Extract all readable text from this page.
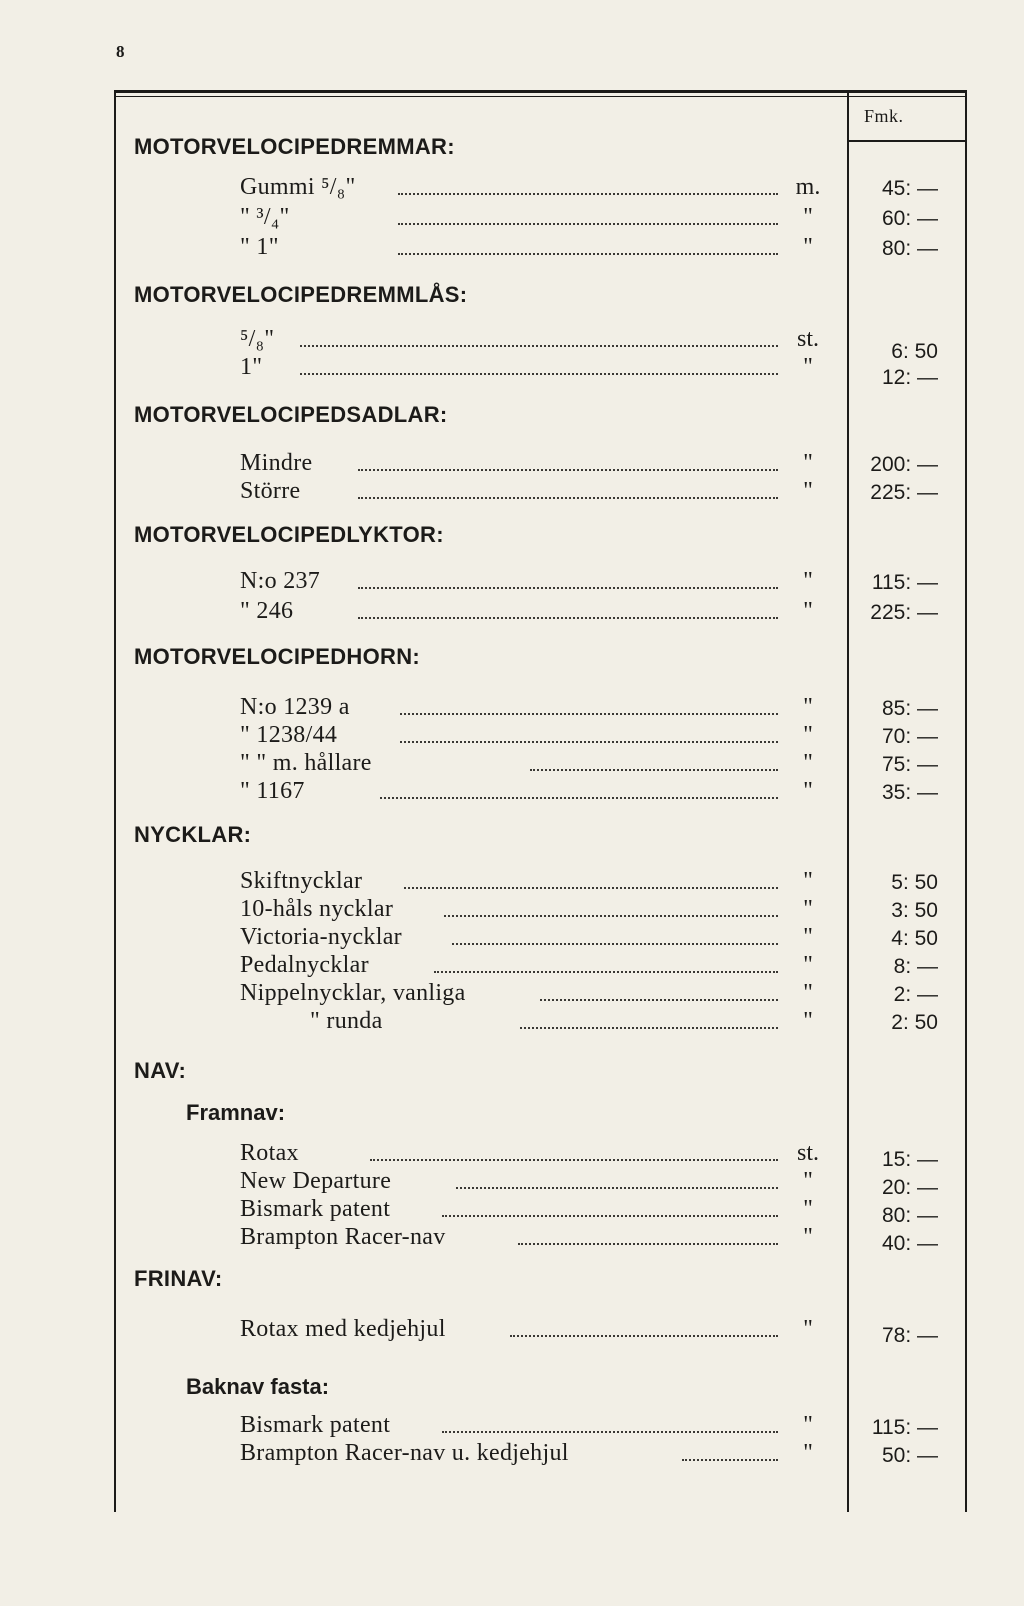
8
Fmk.
MOTORVELOCIPEDREMMAR:
MOTORVELOCIPEDREMMLÅS:
MOTORVELOCIPEDSADLAR:
MOTORVELOCIPEDLYKTOR:
MOTORVELOCIPEDHORN:
NYCKLAR:
NAV:
FRINAV:
Framnav:
Baknav fasta:
Gummi ⁵/₈"	m.	45: —
" ³/₄"	"	60: —
" 1"	"	80: —
⁵/₈"	st.	6: 50
1"	"	12: —
Mindre	"	200: —
Större	"	225: —
N:o 237	"	115: —
" 246	"	225: —
N:o 1239 a	"	85: —
" 1238/44	"	70: —
" " m. hållare	"	75: —
" 1167	"	35: —
Skiftnycklar	"	5: 50
10-håls nycklar	"	3: 50
Victoria-nycklar	"	4: 50
Pedalnycklar	"	8: —
Nippelnycklar, vanliga	"	2: —
" runda	"	2: 50
Rotax	st.	15: —
New Departure	"	20: —
Bismark patent	"	80: —
Brampton Racer-nav	"	40: —
Rotax med kedjehjul	"	78: —
Bismark patent	"	115: —
Brampton Racer-nav u. kedjehjul	"	50: —
